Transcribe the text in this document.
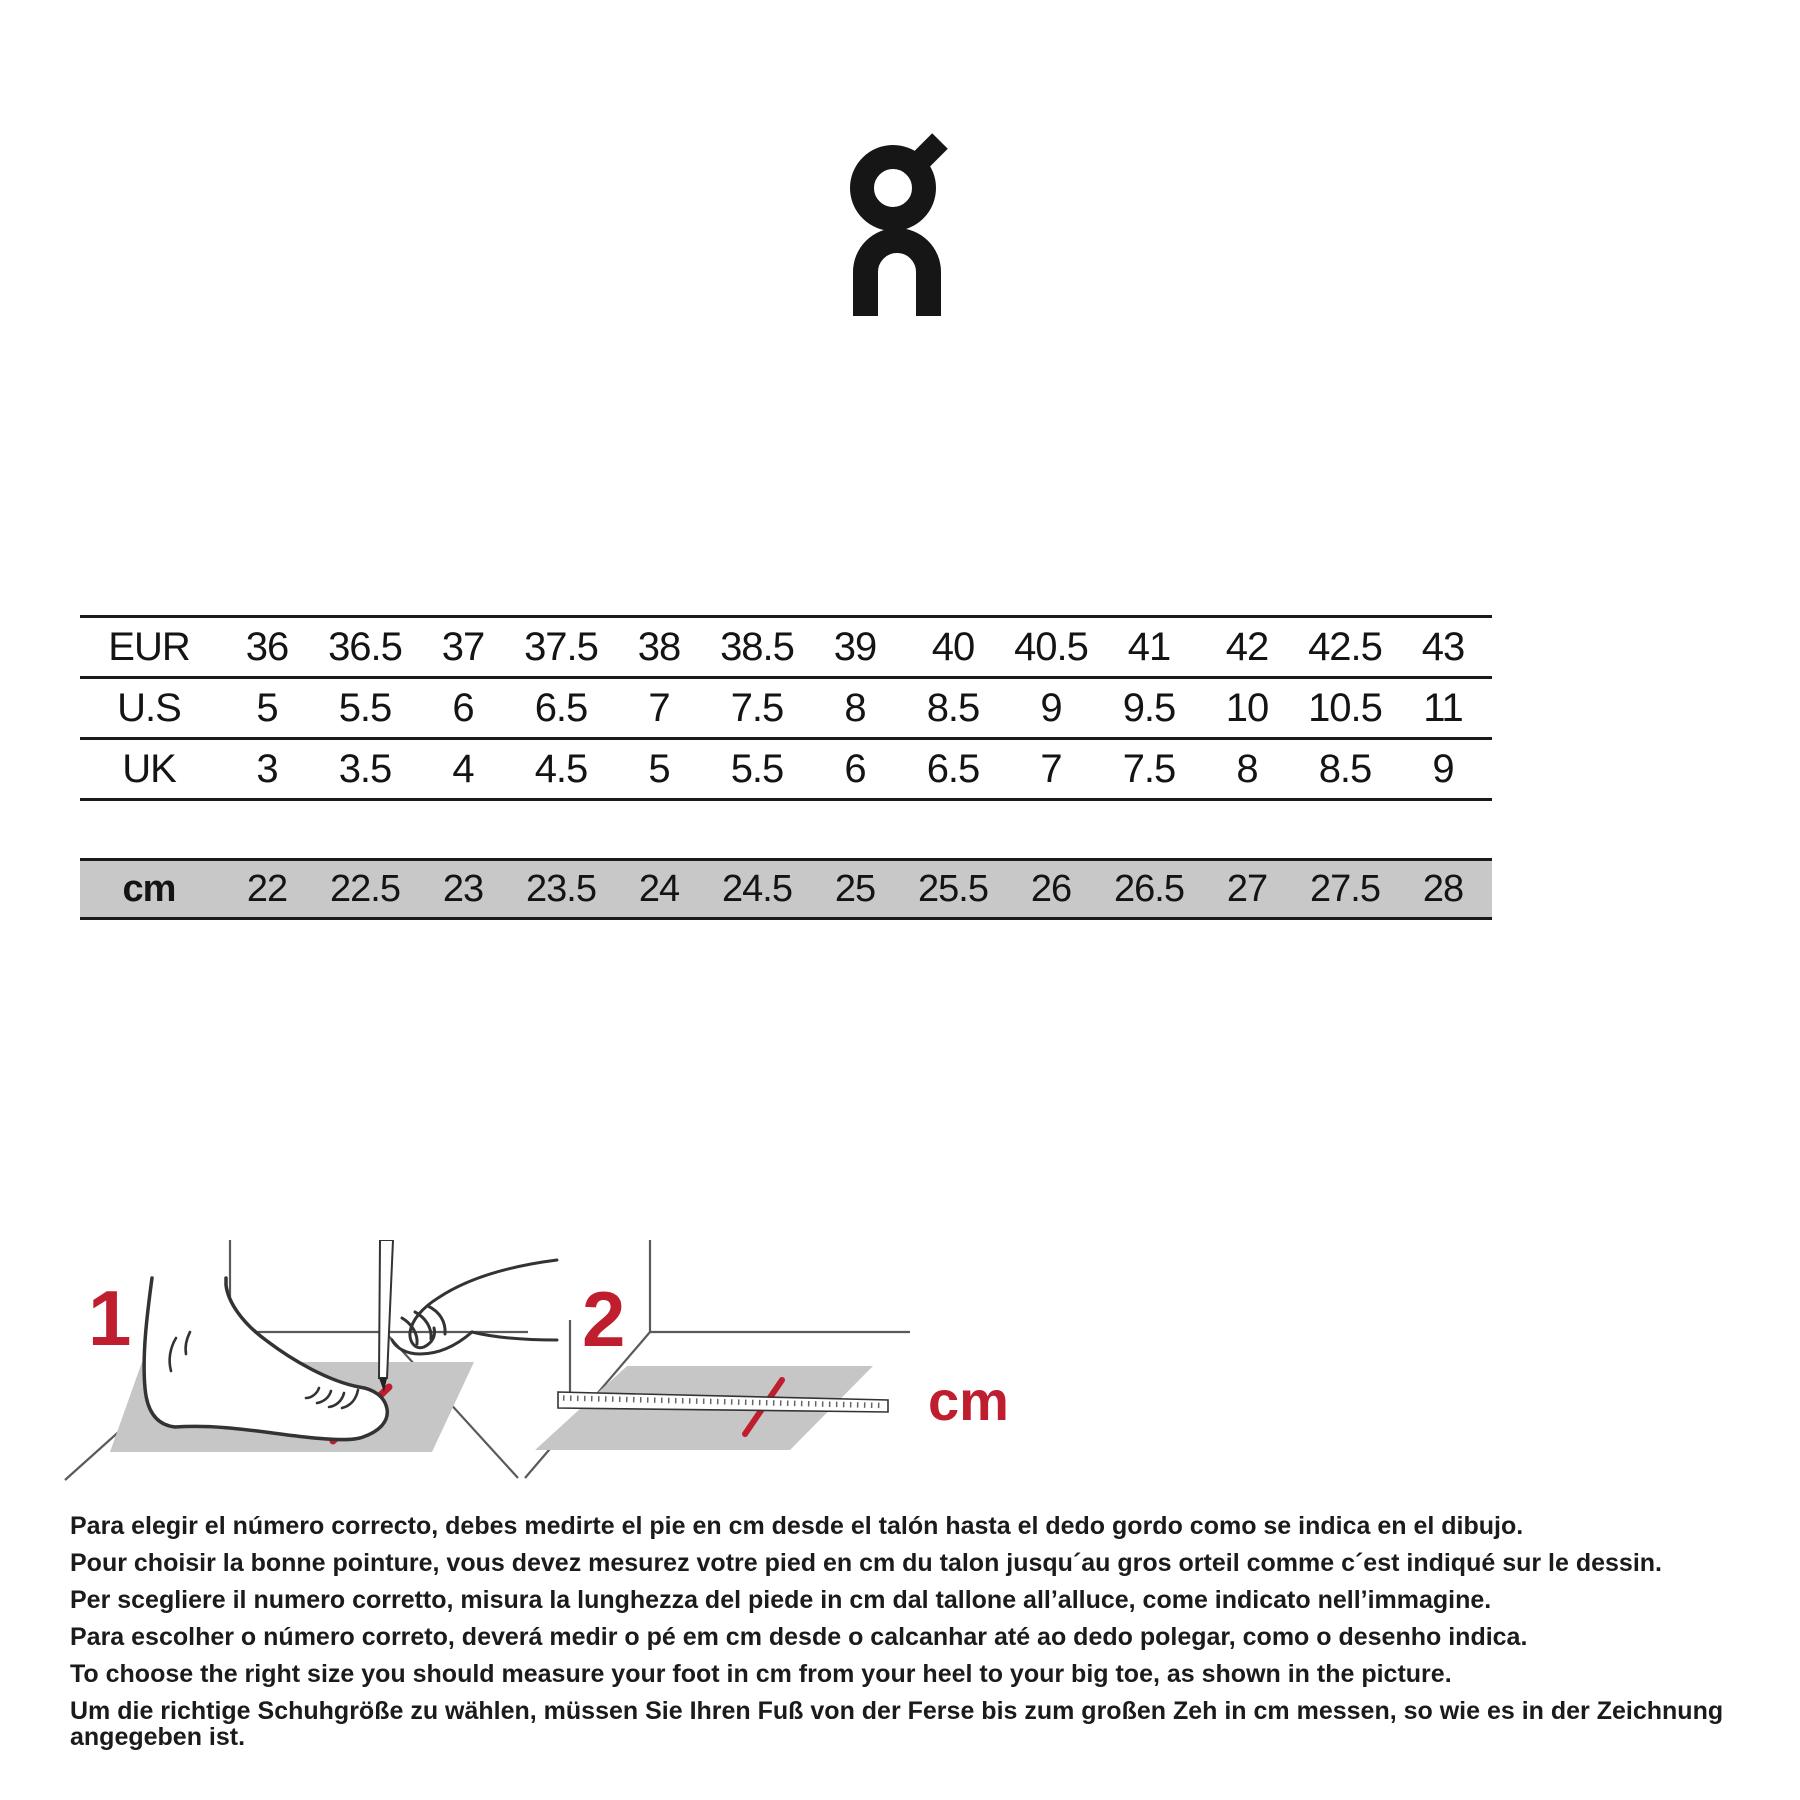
EUR	36 36.5 37 37.5 38 38.5 39	40 40.5 41	42 42.5 43
U.S	5	5.5	6	6.5	7	7.5	8	8.5	9	9.5	10 10.5	11
UK	3	3.5	4	4.5	5	5.5	6	6.5	7	7.5	8	8.5	9
cm	22	22.5	23	23.5	24	24.5	25	25.5	26	26.5	27	27.5	28
1	2
cm

Para elegir el número correcto, debes medirte el pie en cm desde el talón hasta el dedo gordo como se indica en el dibujo.

Pour choisir la bonne pointure, vous devez mesurez votre pied en cm du talon jusqu´au gros orteil comme c´est indiqué sur le dessin.

Per scegliere il numero corretto, misura la lunghezza del piede in cm dal tallone all’alluce, come indicato nell’immagine.

Para escolher o número correto, deverá medir o pé em cm desde o calcanhar até ao dedo polegar, como o desenho indica.

To choose the right size you should measure your foot in cm from your heel to your big toe, as shown in the picture.

Um die richtige Schuhgröße zu wählen, müssen Sie Ihren Fuß von der Ferse bis zum großen Zeh in cm messen, so wie es in der Zeichnung angegeben ist.
